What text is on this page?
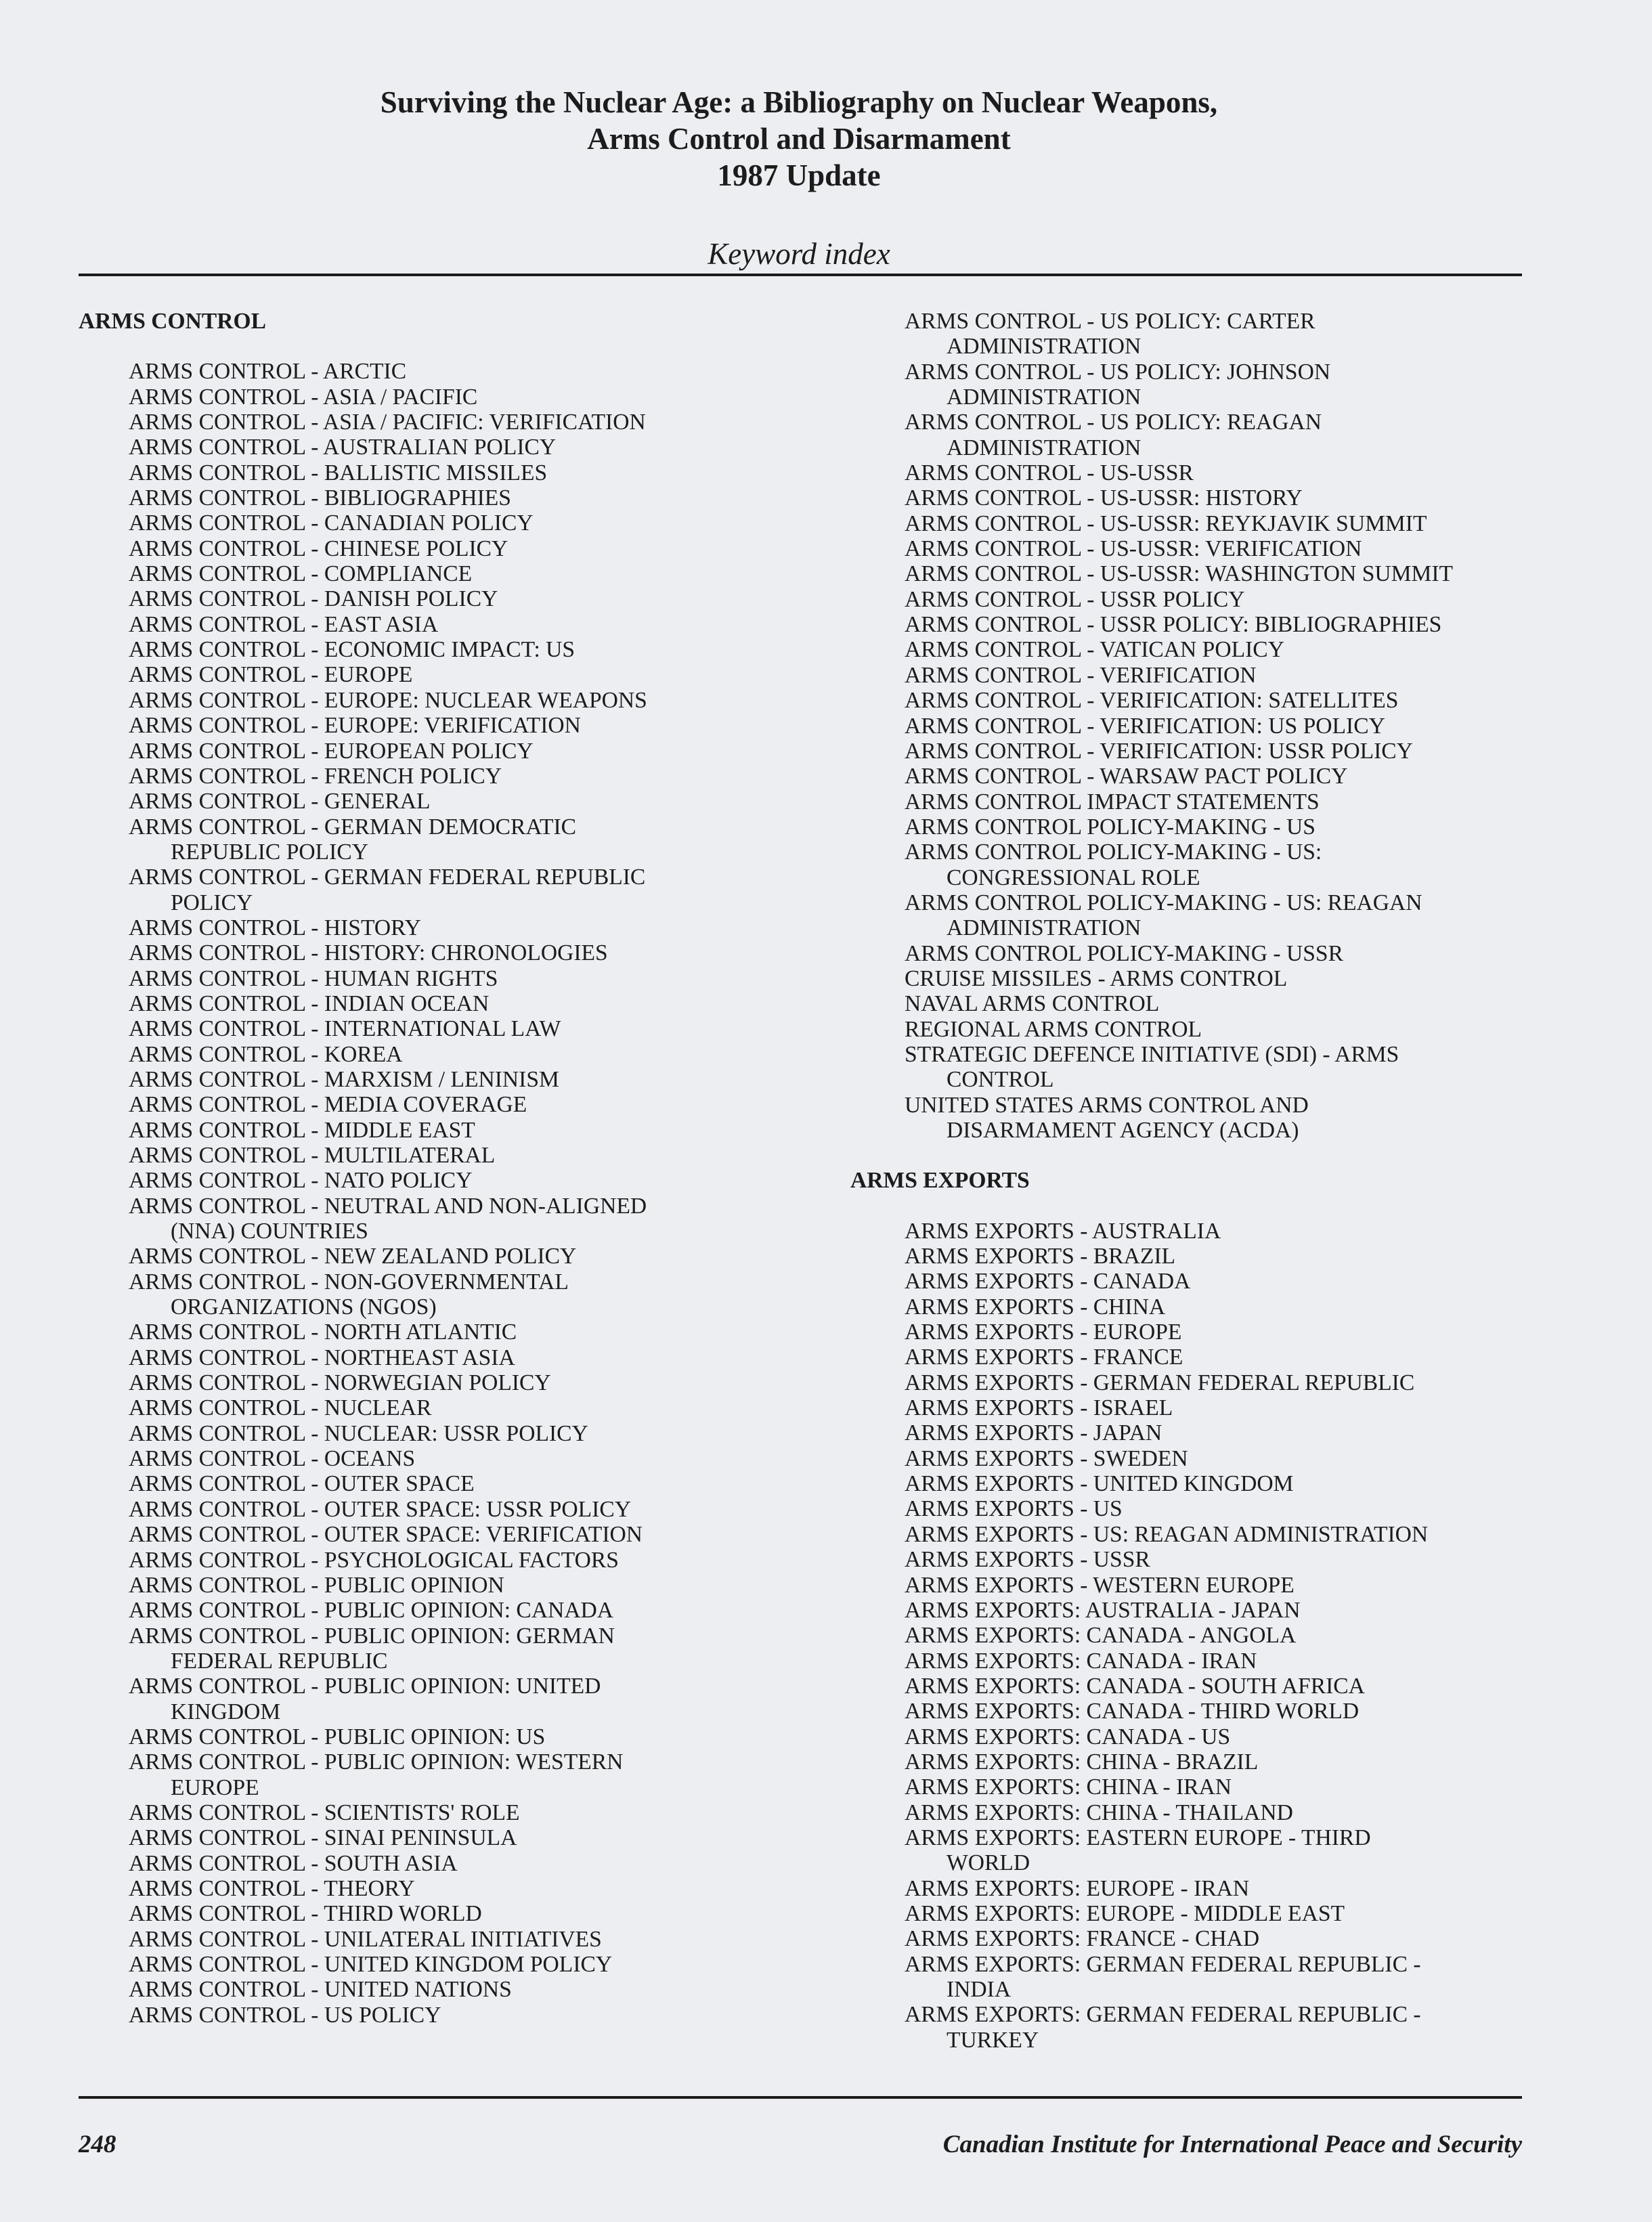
Surviving the Nuclear Age: a Bibliography on Nuclear Weapons,
Arms Control and Disarmament
1987 Update
Keyword index
ARMS CONTROL
ARMS CONTROL - ARCTIC
ARMS CONTROL - ASIA / PACIFIC
ARMS CONTROL - ASIA / PACIFIC: VERIFICATION
ARMS CONTROL - AUSTRALIAN POLICY
ARMS CONTROL - BALLISTIC MISSILES
ARMS CONTROL - BIBLIOGRAPHIES
ARMS CONTROL - CANADIAN POLICY
ARMS CONTROL - CHINESE POLICY
ARMS CONTROL - COMPLIANCE
ARMS CONTROL - DANISH POLICY
ARMS CONTROL - EAST ASIA
ARMS CONTROL - ECONOMIC IMPACT: US
ARMS CONTROL - EUROPE
ARMS CONTROL - EUROPE: NUCLEAR WEAPONS
ARMS CONTROL - EUROPE: VERIFICATION
ARMS CONTROL - EUROPEAN POLICY
ARMS CONTROL - FRENCH POLICY
ARMS CONTROL - GENERAL
ARMS CONTROL - GERMAN DEMOCRATIC
REPUBLIC POLICY
ARMS CONTROL - GERMAN FEDERAL REPUBLIC
POLICY
ARMS CONTROL - HISTORY
ARMS CONTROL - HISTORY: CHRONOLOGIES
ARMS CONTROL - HUMAN RIGHTS
ARMS CONTROL - INDIAN OCEAN
ARMS CONTROL - INTERNATIONAL LAW
ARMS CONTROL - KOREA
ARMS CONTROL - MARXISM / LENINISM
ARMS CONTROL - MEDIA COVERAGE
ARMS CONTROL - MIDDLE EAST
ARMS CONTROL - MULTILATERAL
ARMS CONTROL - NATO POLICY
ARMS CONTROL - NEUTRAL AND NON-ALIGNED
(NNA) COUNTRIES
ARMS CONTROL - NEW ZEALAND POLICY
ARMS CONTROL - NON-GOVERNMENTAL
ORGANIZATIONS (NGOS)
ARMS CONTROL - NORTH ATLANTIC
ARMS CONTROL - NORTHEAST ASIA
ARMS CONTROL - NORWEGIAN POLICY
ARMS CONTROL - NUCLEAR
ARMS CONTROL - NUCLEAR: USSR POLICY
ARMS CONTROL - OCEANS
ARMS CONTROL - OUTER SPACE
ARMS CONTROL - OUTER SPACE: USSR POLICY
ARMS CONTROL - OUTER SPACE: VERIFICATION
ARMS CONTROL - PSYCHOLOGICAL FACTORS
ARMS CONTROL - PUBLIC OPINION
ARMS CONTROL - PUBLIC OPINION: CANADA
ARMS CONTROL - PUBLIC OPINION: GERMAN
FEDERAL REPUBLIC
ARMS CONTROL - PUBLIC OPINION: UNITED
KINGDOM
ARMS CONTROL - PUBLIC OPINION: US
ARMS CONTROL - PUBLIC OPINION: WESTERN
EUROPE
ARMS CONTROL - SCIENTISTS' ROLE
ARMS CONTROL - SINAI PENINSULA
ARMS CONTROL - SOUTH ASIA
ARMS CONTROL - THEORY
ARMS CONTROL - THIRD WORLD
ARMS CONTROL - UNILATERAL INITIATIVES
ARMS CONTROL - UNITED KINGDOM POLICY
ARMS CONTROL - UNITED NATIONS
ARMS CONTROL - US POLICY
ARMS CONTROL - US POLICY: CARTER
ADMINISTRATION
ARMS CONTROL - US POLICY: JOHNSON
ADMINISTRATION
ARMS CONTROL - US POLICY: REAGAN
ADMINISTRATION
ARMS CONTROL - US-USSR
ARMS CONTROL - US-USSR: HISTORY
ARMS CONTROL - US-USSR: REYKJAVIK SUMMIT
ARMS CONTROL - US-USSR: VERIFICATION
ARMS CONTROL - US-USSR: WASHINGTON SUMMIT
ARMS CONTROL - USSR POLICY
ARMS CONTROL - USSR POLICY: BIBLIOGRAPHIES
ARMS CONTROL - VATICAN POLICY
ARMS CONTROL - VERIFICATION
ARMS CONTROL - VERIFICATION: SATELLITES
ARMS CONTROL - VERIFICATION: US POLICY
ARMS CONTROL - VERIFICATION: USSR POLICY
ARMS CONTROL - WARSAW PACT POLICY
ARMS CONTROL IMPACT STATEMENTS
ARMS CONTROL POLICY-MAKING - US
ARMS CONTROL POLICY-MAKING - US:
CONGRESSIONAL ROLE
ARMS CONTROL POLICY-MAKING - US: REAGAN
ADMINISTRATION
ARMS CONTROL POLICY-MAKING - USSR
CRUISE MISSILES - ARMS CONTROL
NAVAL ARMS CONTROL
REGIONAL ARMS CONTROL
STRATEGIC DEFENCE INITIATIVE (SDI) - ARMS
CONTROL
UNITED STATES ARMS CONTROL AND
DISARMAMENT AGENCY (ACDA)
ARMS EXPORTS
ARMS EXPORTS - AUSTRALIA
ARMS EXPORTS - BRAZIL
ARMS EXPORTS - CANADA
ARMS EXPORTS - CHINA
ARMS EXPORTS - EUROPE
ARMS EXPORTS - FRANCE
ARMS EXPORTS - GERMAN FEDERAL REPUBLIC
ARMS EXPORTS - ISRAEL
ARMS EXPORTS - JAPAN
ARMS EXPORTS - SWEDEN
ARMS EXPORTS - UNITED KINGDOM
ARMS EXPORTS - US
ARMS EXPORTS - US: REAGAN ADMINISTRATION
ARMS EXPORTS - USSR
ARMS EXPORTS - WESTERN EUROPE
ARMS EXPORTS: AUSTRALIA - JAPAN
ARMS EXPORTS: CANADA - ANGOLA
ARMS EXPORTS: CANADA - IRAN
ARMS EXPORTS: CANADA - SOUTH AFRICA
ARMS EXPORTS: CANADA - THIRD WORLD
ARMS EXPORTS: CANADA - US
ARMS EXPORTS: CHINA - BRAZIL
ARMS EXPORTS: CHINA - IRAN
ARMS EXPORTS: CHINA - THAILAND
ARMS EXPORTS: EASTERN EUROPE - THIRD
WORLD
ARMS EXPORTS: EUROPE - IRAN
ARMS EXPORTS: EUROPE - MIDDLE EAST
ARMS EXPORTS: FRANCE - CHAD
ARMS EXPORTS: GERMAN FEDERAL REPUBLIC -
INDIA
ARMS EXPORTS: GERMAN FEDERAL REPUBLIC -
TURKEY
248	Canadian Institute for International Peace and Security
